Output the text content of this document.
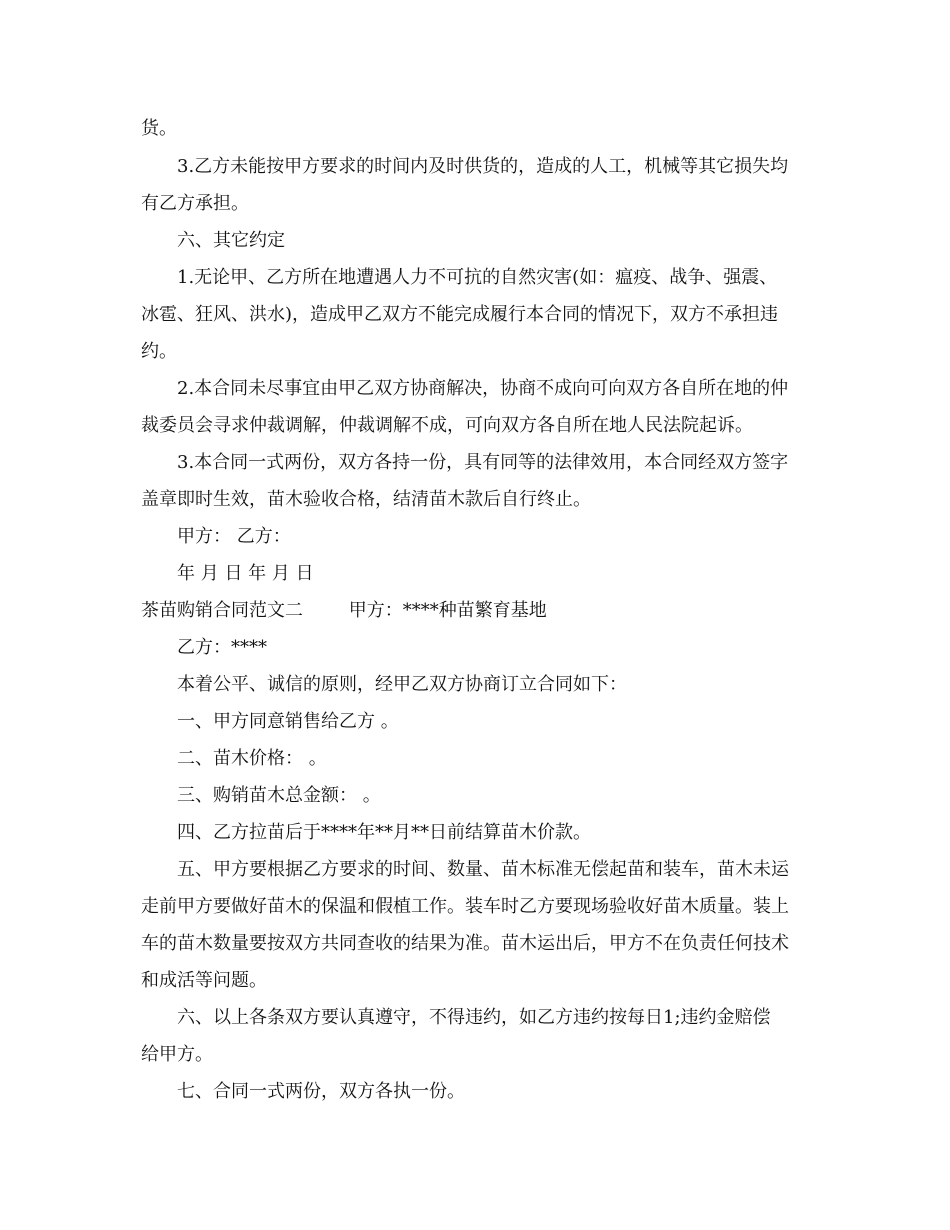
货。
3.乙方未能按甲方要求的时间内及时供货的，造成的人工，机械等其它损失均
有乙方承担。
六、其它约定
1.无论甲、乙方所在地遭遇人力不可抗的自然灾害(如：瘟疫、战争、强震、
冰雹、狂风、洪水)，造成甲乙双方不能完成履行本合同的情况下，双方不承担违
约。
2.本合同未尽事宜由甲乙双方协商解决，协商不成向可向双方各自所在地的仲
裁委员会寻求仲裁调解，仲裁调解不成，可向双方各自所在地人民法院起诉。
3.本合同一式两份，双方各持一份，具有同等的法律效用，本合同经双方签字
盖章即时生效，苗木验收合格，结清苗木款后自行终止。
甲方： 乙方：
年 月 日 年 月 日
茶苗购销合同范文二        甲方：****种苗繁育基地
乙方：****
本着公平、诚信的原则，经甲乙双方协商订立合同如下：
一、甲方同意销售给乙方 。
二、苗木价格： 。
三、购销苗木总金额： 。
四、乙方拉苗后于****年**月**日前结算苗木价款。
五、甲方要根据乙方要求的时间、数量、苗木标准无偿起苗和装车，苗木未运
走前甲方要做好苗木的保温和假植工作。装车时乙方要现场验收好苗木质量。装上
车的苗木数量要按双方共同查收的结果为准。苗木运出后，甲方不在负责任何技术
和成活等问题。
六、以上各条双方要认真遵守，不得违约，如乙方违约按每日1;违约金赔偿
给甲方。
七、合同一式两份，双方各执一份。
